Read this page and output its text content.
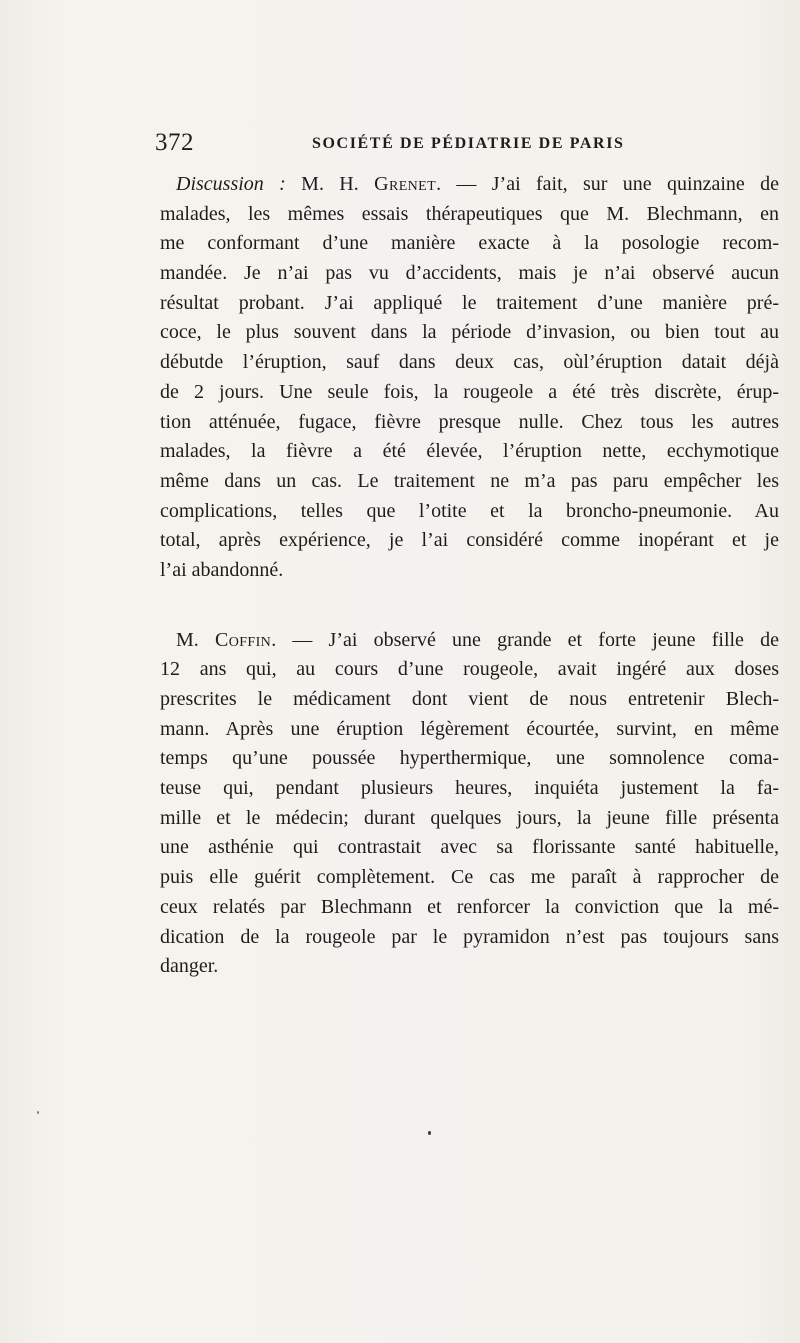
372	SOCIÉTÉ DE PÉDIATRIE DE PARIS
Discussion : M. H. Grenet. — J’ai fait, sur une quinzaine de
malades, les mêmes essais thérapeutiques que M. Blechmann, en
me conformant d’une manière exacte à la posologie recom-
mandée. Je n’ai pas vu d’accidents, mais je n’ai observé aucun
résultat probant. J’ai appliqué le traitement d’une manière pré-
coce, le plus souvent dans la période d’invasion, ou bien tout au
débutde l’éruption, sauf dans deux cas, oùl’éruption datait déjà
de 2 jours. Une seule fois, la rougeole a été très discrète, érup-
tion atténuée, fugace, fièvre presque nulle. Chez tous les autres
malades, la fièvre a été élevée, l’éruption nette, ecchymotique
même dans un cas. Le traitement ne m’a pas paru empêcher les
complications, telles que l’otite et la broncho-pneumonie. Au
total, après expérience, je l’ai considéré comme inopérant et je
l’ai abandonné.
M. Coffin. — J’ai observé une grande et forte jeune fille de
12 ans qui, au cours d’une rougeole, avait ingéré aux doses
prescrites le médicament dont vient de nous entretenir Blech-
mann. Après une éruption légèrement écourtée, survint, en même
temps qu’une poussée hyperthermique, une somnolence coma-
teuse qui, pendant plusieurs heures, inquiéta justement la fa-
mille et le médecin; durant quelques jours, la jeune fille présenta
une asthénie qui contrastait avec sa florissante santé habituelle,
puis elle guérit complètement. Ce cas me paraît à rapprocher de
ceux relatés par Blechmann et renforcer la conviction que la mé-
dication de la rougeole par le pyramidon n’est pas toujours sans
danger.
